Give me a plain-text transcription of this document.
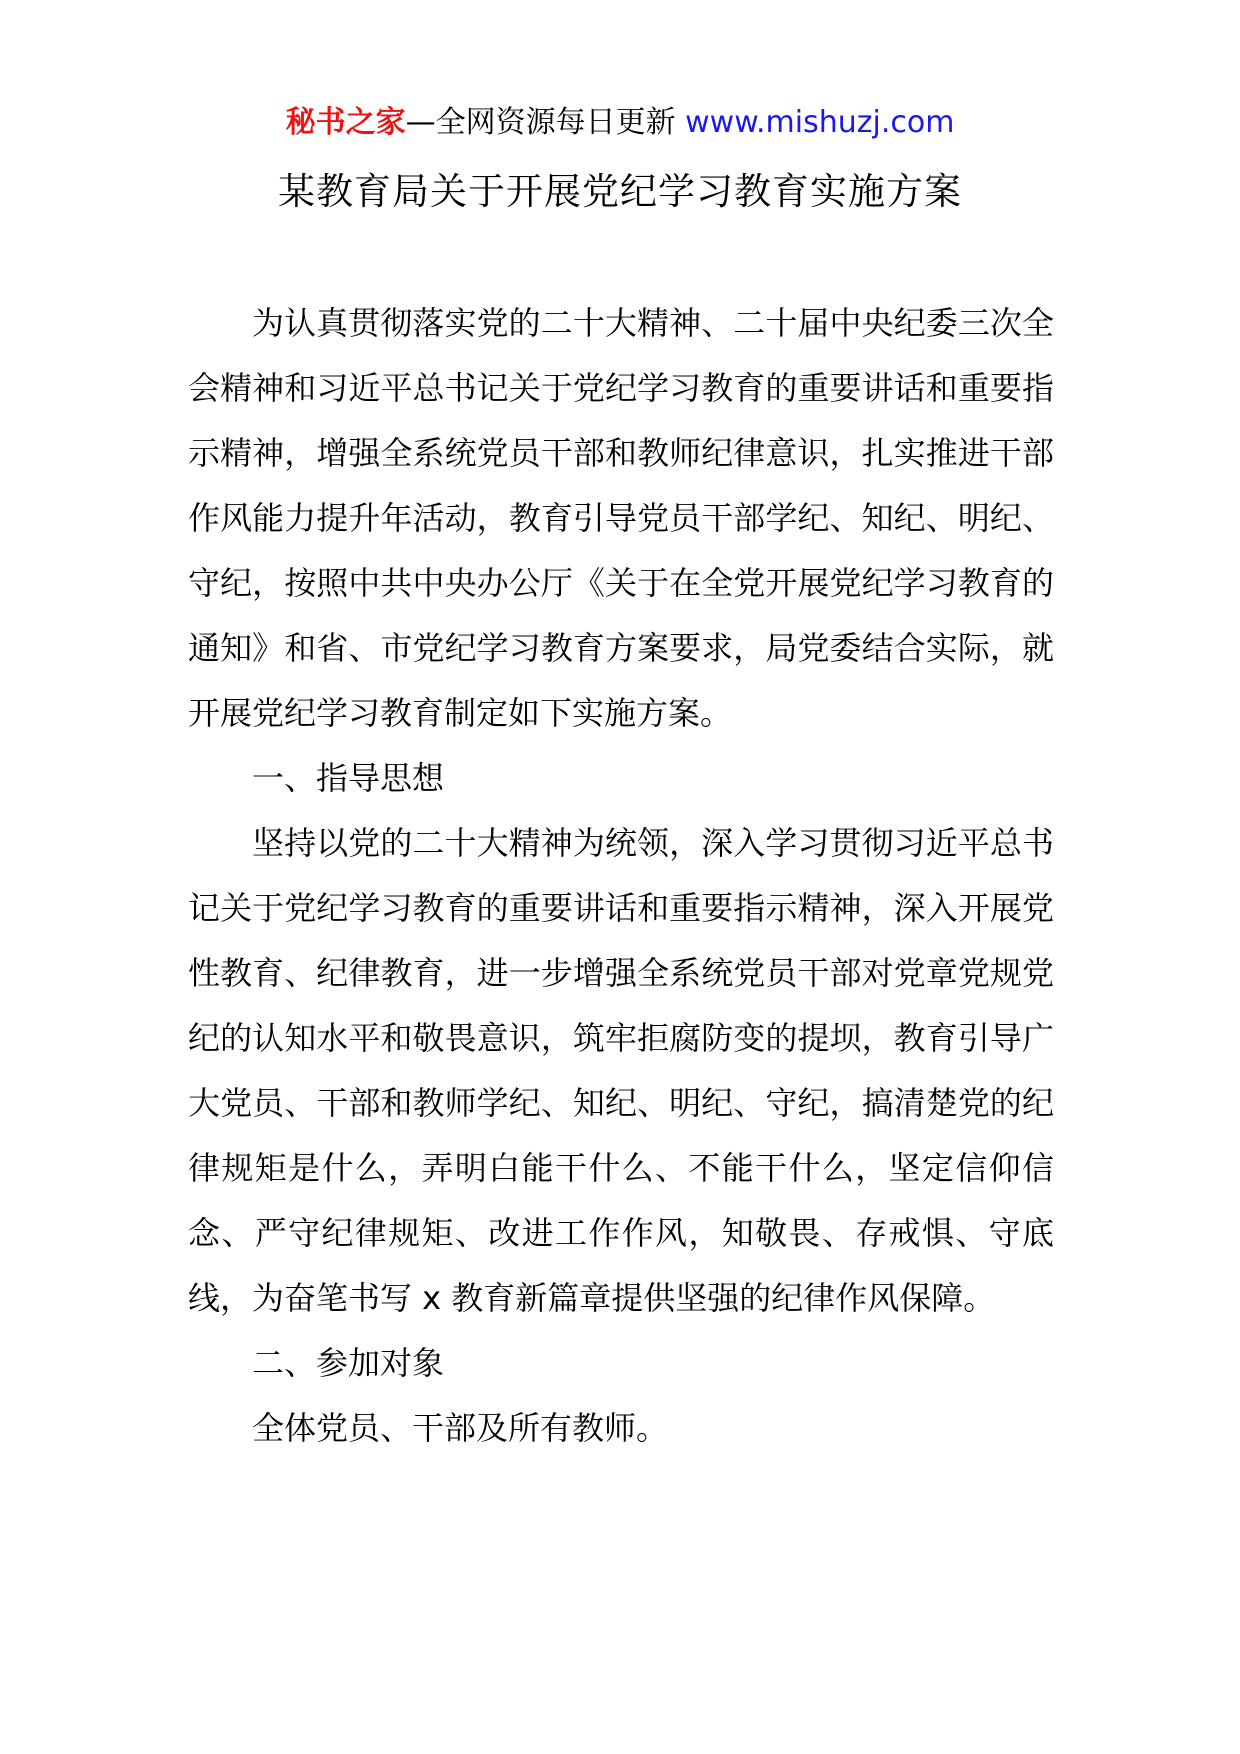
秘书之家—全网资源每日更新 www.mishuzj.com
某教育局关于开展党纪学习教育实施方案

为认真贯彻落实党的二十大精神、二十届中央纪委三次全会精神和习近平总书记关于党纪学习教育的重要讲话和重要指示精神，增强全系统党员干部和教师纪律意识，扎实推进干部作风能力提升年活动，教育引导党员干部学纪、知纪、明纪、守纪，按照中共中央办公厅《关于在全党开展党纪学习教育的通知》和省、市党纪学习教育方案要求，局党委结合实际，就开展党纪学习教育制定如下实施方案。

一、指导思想

坚持以党的二十大精神为统领，深入学习贯彻习近平总书记关于党纪学习教育的重要讲话和重要指示精神，深入开展党性教育、纪律教育，进一步增强全系统党员干部对党章党规党纪的认知水平和敬畏意识，筑牢拒腐防变的提坝，教育引导广大党员、干部和教师学纪、知纪、明纪、守纪，搞清楚党的纪律规矩是什么，弄明白能干什么、不能干什么，坚定信仰信念、严守纪律规矩、改进工作作风，知敬畏、存戒惧、守底线，为奋笔书写 x 教育新篇章提供坚强的纪律作风保障。

二、参加对象

全体党员、干部及所有教师。
